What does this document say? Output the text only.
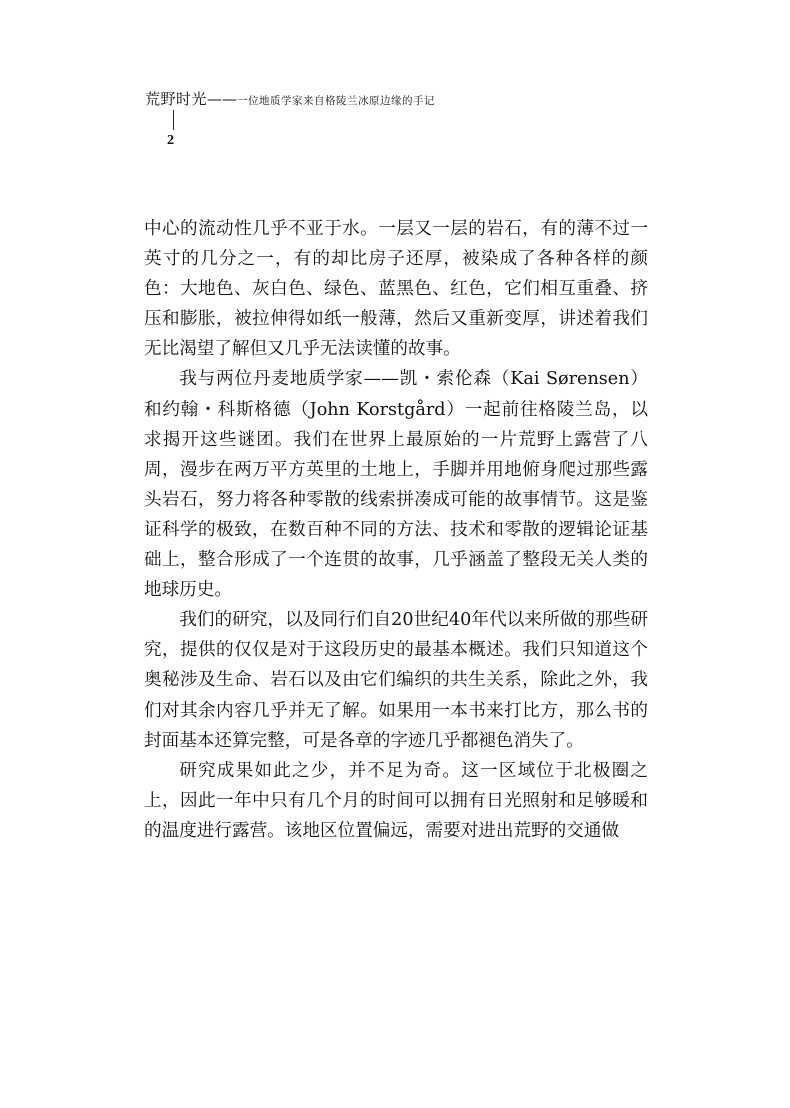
荒野时光——一位地质学家来自格陵兰冰原边缘的手记
2

中心的流动性几乎不亚于水。一层又一层的岩石，有的薄不过一英寸的几分之一，有的却比房子还厚，被染成了各种各样的颜色：大地色、灰白色、绿色、蓝黑色、红色，它们相互重叠、挤压和膨胀，被拉伸得如纸一般薄，然后又重新变厚，讲述着我们无比渴望了解但又几乎无法读懂的故事。

我与两位丹麦地质学家——凯・索伦森（Kai Sørensen）和约翰・科斯格德（John Korstgård）一起前往格陵兰岛，以求揭开这些谜团。我们在世界上最原始的一片荒野上露营了八周，漫步在两万平方英里的土地上，手脚并用地俯身爬过那些露头岩石，努力将各种零散的线索拼凑成可能的故事情节。这是鉴证科学的极致，在数百种不同的方法、技术和零散的逻辑论证基础上，整合形成了一个连贯的故事，几乎涵盖了整段无关人类的地球历史。

我们的研究，以及同行们自20世纪40年代以来所做的那些研究，提供的仅仅是对于这段历史的最基本概述。我们只知道这个奥秘涉及生命、岩石以及由它们编织的共生关系，除此之外，我们对其余内容几乎并无了解。如果用一本书来打比方，那么书的封面基本还算完整，可是各章的字迹几乎都褪色消失了。

研究成果如此之少，并不足为奇。这一区域位于北极圈之上，因此一年中只有几个月的时间可以拥有日光照射和足够暖和的温度进行露营。该地区位置偏远，需要对进出荒野的交通做
